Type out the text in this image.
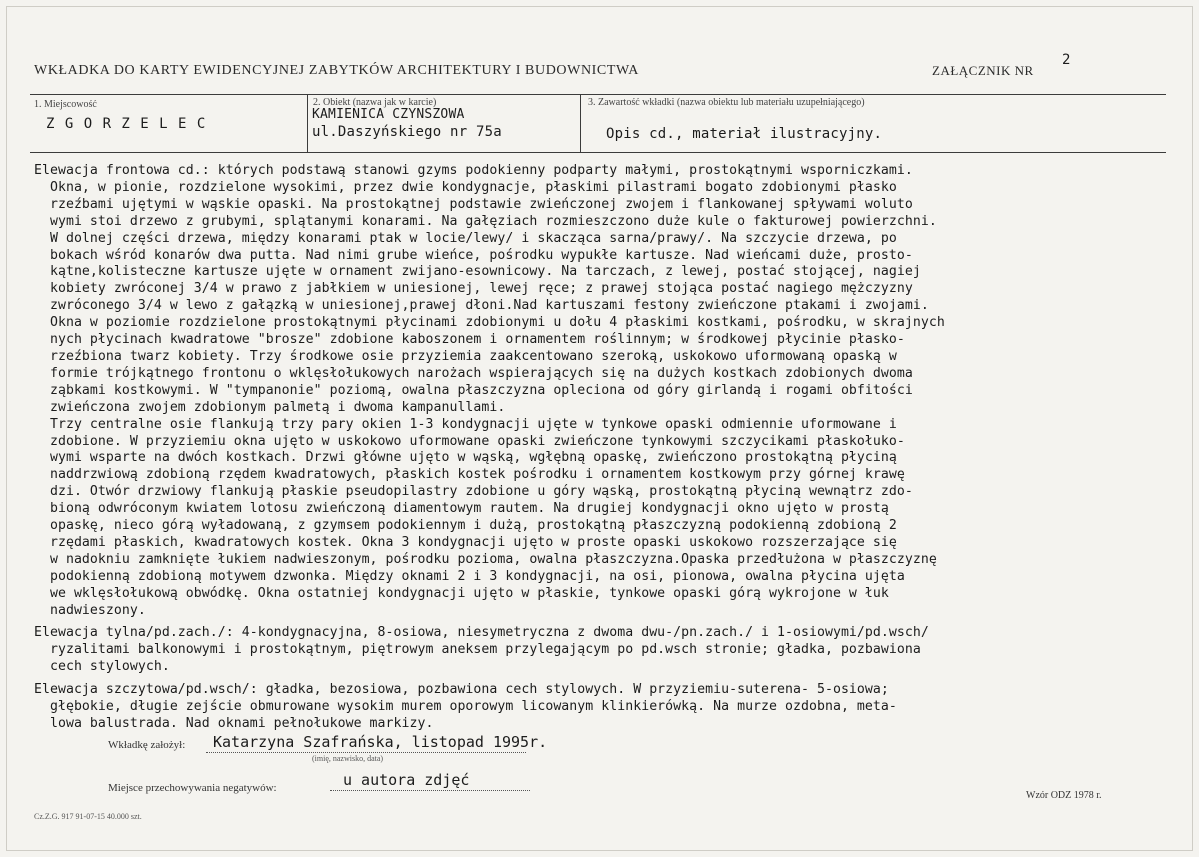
WKŁADKA DO KARTY EWIDENCYJNEJ ZABYTKÓW ARCHITEKTURY I BUDOWNICTWA	ZAŁĄCZNIK NR
2
1. Miejscowość
Z G O R Z E L E C
2. Obiekt (nazwa jak w karcie)
KAMIENICA CZYNSZOWA
ul.Daszyńskiego nr 75a
3. Zawartość wkładki (nazwa obiektu lub materiału uzupełniającego)
Opis cd., materiał ilustracyjny.
Elewacja frontowa cd.: których podstawą stanowi gzyms podokienny podparty małymi, prostokątnymi wsporniczkami.
Okna, w pionie, rozdzielone wysokimi, przez dwie kondygnacje, płaskimi pilastrami bogato zdobionymi płasko
rzeźbami ujętymi w wąskie opaski. Na prostokątnej podstawie zwieńczonej zwojem i flankowanej spływami woluto
wymi stoi drzewo z grubymi, splątanymi konarami. Na gałęziach rozmieszczono duże kule o fakturowej powierzchni.
W dolnej części drzewa, między konarami ptak w locie/lewy/ i skacząca sarna/prawy/. Na szczycie drzewa, po
bokach wśród konarów dwa putta. Nad nimi grube wieńce, pośrodku wypukłe kartusze. Nad wieńcami duże, prosto-
kątne,kolisteczne kartusze ujęte w ornament zwijano-esownicowy. Na tarczach, z lewej, postać stojącej, nagiej
kobiety zwróconej 3/4 w prawo z jabłkiem w uniesionej, lewej ręce; z prawej stojąca postać nagiego mężczyzny
zwróconego 3/4 w lewo z gałązką w uniesionej,prawej dłoni.Nad kartuszami festony zwieńczone ptakami i zwojami.
Okna w poziomie rozdzielone prostokątnymi płycinami zdobionymi u dołu 4 płaskimi kostkami, pośrodku, w skrajnych
nych płycinach kwadratowe "brosze" zdobione kaboszonem i ornamentem roślinnym; w środkowej płycinie płasko-
rzeźbiona twarz kobiety. Trzy środkowe osie przyziemia zaakcentowano szeroką, uskokowo uformowaną opaską w
formie trójkątnego frontonu o wklęsłołukowych narożach wspierających się na dużych kostkach zdobionych dwoma
ząbkami kostkowymi. W "tympanonie" poziomą, owalna płaszczyzna opleciona od góry girlandą i rogami obfitości
zwieńczona zwojem zdobionym palmetą i dwoma kampanullami.
Trzy centralne osie flankują trzy pary okien 1-3 kondygnacji ujęte w tynkowe opaski odmiennie uformowane i
zdobione. W przyziemiu okna ujęto w uskokowo uformowane opaski zwieńczone tynkowymi szczycikami płaskołuko-
wymi wsparte na dwóch kostkach. Drzwi główne ujęto w wąską, wgłębną opaskę, zwieńczono prostokątną płyciną
naddrzwiową zdobioną rzędem kwadratowych, płaskich kostek pośrodku i ornamentem kostkowym przy górnej krawę
dzi. Otwór drzwiowy flankują płaskie pseudopilastry zdobione u góry wąską, prostokątną płyciną wewnątrz zdo-
bioną odwróconym kwiatem lotosu zwieńczoną diamentowym rautem. Na drugiej kondygnacji okno ujęto w prostą
opaskę, nieco górą wyładowaną, z gzymsem podokiennym i dużą, prostokątną płaszczyzną podokienną zdobioną 2
rzędami płaskich, kwadratowych kostek. Okna 3 kondygnacji ujęto w proste opaski uskokowo rozszerzające się
w nadokniu zamknięte łukiem nadwieszonym, pośrodku pozioma, owalna płaszczyzna.Opaska przedłużona w płaszczyznę
podokienną zdobioną motywem dzwonka. Między oknami 2 i 3 kondygnacji, na osi, pionowa, owalna płycina ujęta
we wklęsłołukową obwódkę. Okna ostatniej kondygnacji ujęto w płaskie, tynkowe opaski górą wykrojone w łuk
nadwieszony.
Elewacja tylna/pd.zach./: 4-kondygnacyjna, 8-osiowa, niesymetryczna z dwoma dwu-/pn.zach./ i 1-osiowymi/pd.wsch/
ryzalitami balkonowymi i prostokątnym, piętrowym aneksem przylegającym po pd.wsch stronie; gładka, pozbawiona
cech stylowych.
Elewacja szczytowa/pd.wsch/: gładka, bezosiowa, pozbawiona cech stylowych. W przyziemiu-suterena- 5-osiowa;
głębokie, długie zejście obmurowane wysokim murem oporowym licowanym klinkierówką. Na murze ozdobna, meta-
lowa balustrada. Nad oknami pełnołukowe markizy.
Wkładkę założył: Katarzyna Szafrańska, listopad 1995r.
(imię, nazwisko, data)
Miejsce przechowywania negatywów:	u autora zdjęć
Cz.Z.G. 917 91-07-15 40.000 szt.
Wzór ODZ 1978 r.
